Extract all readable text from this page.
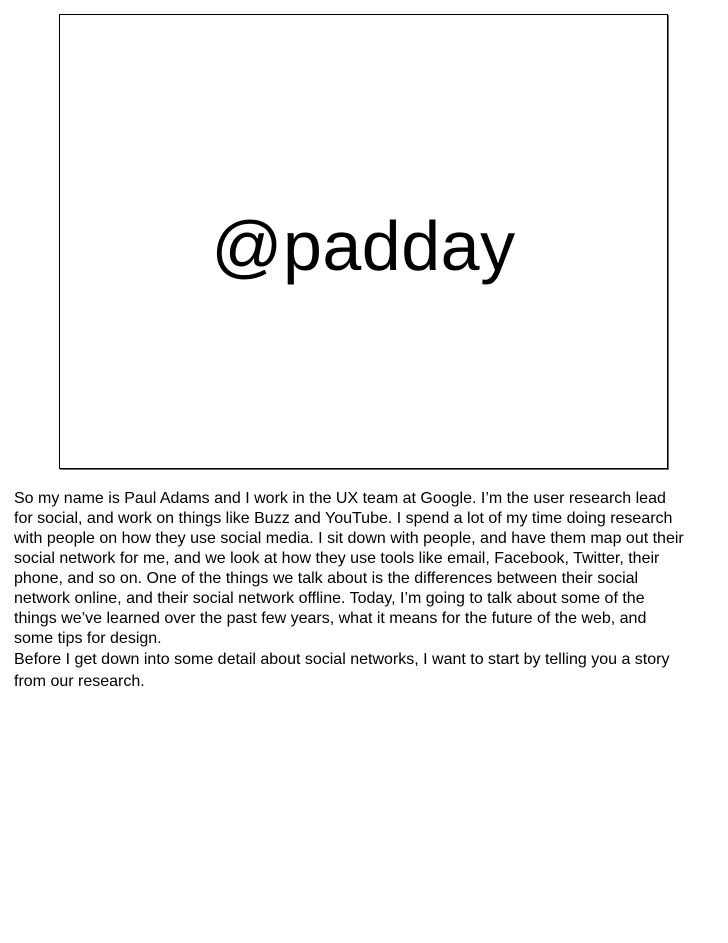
@padday

So my name is Paul Adams and I work in the UX team at Google. I’m the user research lead
for social, and work on things like Buzz and YouTube. I spend a lot of my time doing research
with people on how they use social media. I sit down with people, and have them map out their
social network for me, and we look at how they use tools like email, Facebook, Twitter, their
phone, and so on. One of the things we talk about is the differences between their social
network online, and their social network offline. Today, I’m going to talk about some of the
things we’ve learned over the past few years, what it means for the future of the web, and
some tips for design.

Before I get down into some detail about social networks, I want to start by telling you a story
from our research.
